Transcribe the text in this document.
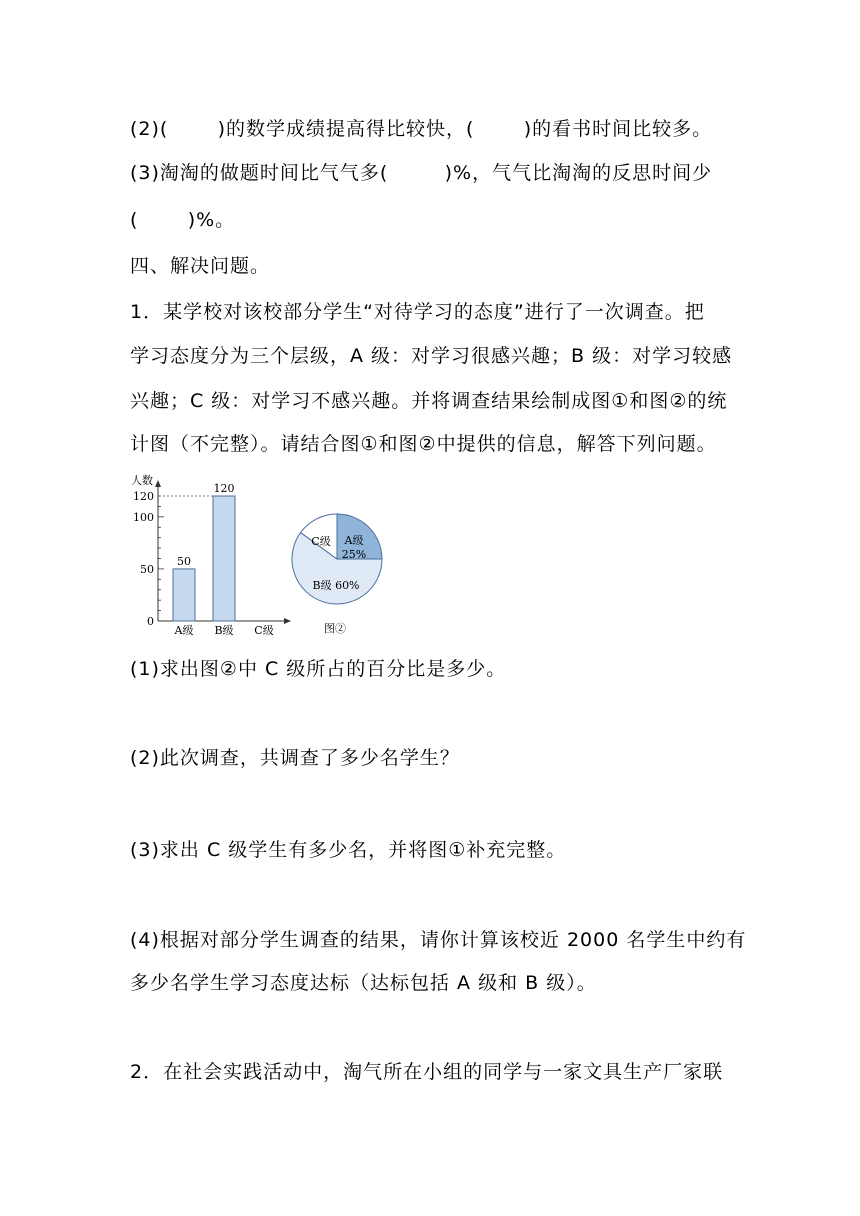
(2)(       )的数学成绩提高得比较快，(       )的看书时间比较多。
(3)淘淘的做题时间比气气多(        )%，气气比淘淘的反思时间少
(       )%。
四、解决问题。
1．某学校对该校部分学生“对待学习的态度”进行了一次调查。把
学习态度分为三个层级，A 级：对学习很感兴趣；B 级：对学习较感
兴趣；C 级：对学习不感兴趣。并将调查结果绘制成图①和图②的统
计图（不完整）。请结合图①和图②中提供的信息，解答下列问题。
(1)求出图②中 C 级所占的百分比是多少。
(2)此次调查，共调查了多少名学生？
(3)求出 C 级学生有多少名，并将图①补充完整。
(4)根据对部分学生调查的结果，请你计算该校近 2000 名学生中约有
多少名学生学习态度达标（达标包括 A 级和 B 级）。
2．在社会实践活动中，淘气所在小组的同学与一家文具生产厂家联
人数
0
50
100
120
50
A级
120
B级 C级
A级
25%
B级 60%
C级
图②
